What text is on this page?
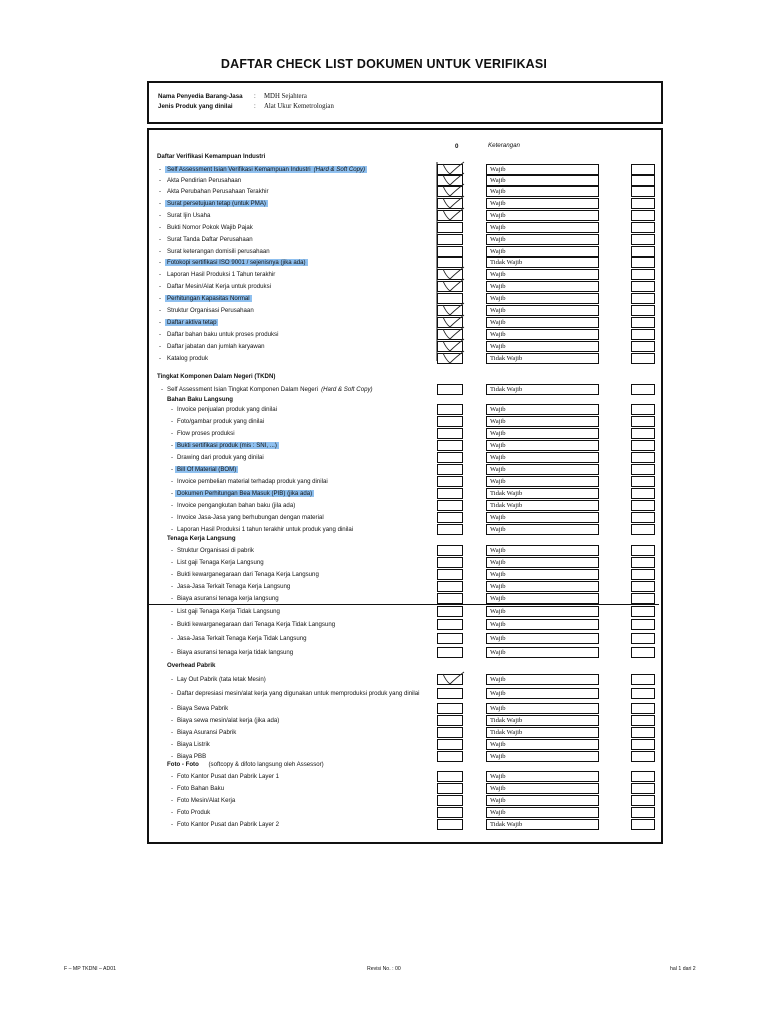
DAFTAR CHECK LIST DOKUMEN UNTUK VERIFIKASI
Nama Penyedia Barang-Jasa : MDH Sejahtera
Jenis Produk yang dinilai	: Alat Ukur Kemetrologian
0	Keterangan
Daftar Verifikasi Kemampuan Industri
Tingkat Komponen Dalam Negeri (TKDN)
Bahan Baku Langsung
Tenaga Kerja Langsung
Overhead Pabrik
Foto - Foto (softcopy & difoto langsung oleh Assessor)
- Self Assessment Isian Verifikasi Kemampuan Industri (Hard & Soft Copy)	Wajib
- Akta Pendirian Perusahaan	Wajib
- Akta Perubahan Perusahaan Terakhir	Wajib
- Surat persetujuan tetap (untuk PMA)	Wajib
- Surat Ijin Usaha	Wajib
- Bukti Nomor Pokok Wajib Pajak	Wajib
- Surat Tanda Daftar Perusahaan	Wajib
- Surat keterangan domisili perusahaan	Wajib
- Fotokopi sertifikasi ISO 9001 / sejenisnya (jika ada)	Tidak Wajib
- Laporan Hasil Produksi 1 Tahun terakhir	Wajib
- Daftar Mesin/Alat Kerja untuk produksi	Wajib
- Perhitungan Kapasitas Normal	Wajib
- Struktur Organisasi Perusahaan	Wajib
- Daftar aktiva tetap	Wajib
- Daftar bahan baku untuk proses produksi	Wajib
- Daftar jabatan dan jumlah karyawan	Wajib
- Katalog produk	Tidak Wajib
- Self Assessment Isian Tingkat Komponen Dalam Negeri (Hard & Soft Copy)	Tidak Wajib
- Invoice penjualan produk yang dinilai	Wajib
- Foto/gambar produk yang dinilai	Wajib
- Flow proses produksi	Wajib
- Bukti sertifikasi produk (mis : SNI, ...)	Wajib
- Drawing dari produk yang dinilai	Wajib
- Bill Of Material (BOM)	Wajib
- Invoice pembelian material terhadap produk yang dinilai	Wajib
- Dokumen Perhitungan Bea Masuk (PIB) (jika ada)	Tidak Wajib
- Invoice pengangkutan bahan baku (jila ada)	Tidak Wajib
- Invoice Jasa-Jasa yang berhubungan dengan material	Wajib
- Laporan Hasil Produksi 1 tahun terakhir untuk produk yang dinilai	Wajib
- Struktur Organisasi di pabrik	Wajib
- List gaji Tenaga Kerja Langsung	Wajib
- Bukti kewarganegaraan dari Tenaga Kerja Langsung	Wajib
- Jasa-Jasa Terkait Tenaga Kerja Langsung	Wajib
- Biaya asuransi tenaga kerja langsung	Wajib
- List gaji Tenaga Kerja Tidak Langsung	Wajib
- Bukti kewarganegaraan dari Tenaga Kerja Tidak Langsung	Wajib
- Jasa-Jasa Terkait Tenaga Kerja Tidak Langsung	Wajib
- Biaya asuransi tenaga kerja tidak langsung	Wajib
- Lay Out Pabrik (tata letak Mesin)	Wajib
- Daftar depresiasi mesin/alat kerja yang digunakan untuk memproduksi produk yang dinilai	Wajib
- Biaya Sewa Pabrik	Wajib
- Biaya sewa mesin/alat kerja (jika ada)	Tidak Wajib
- Biaya Asuransi Pabrik	Tidak Wajib
- Biaya Listrik	Wajib
- Biaya PBB	Wajib
- Foto Kantor Pusat dan Pabrik Layer 1	Wajib
- Foto Bahan Baku	Wajib
- Foto Mesin/Alat Kerja	Wajib
- Foto Produk	Wajib
- Foto Kantor Pusat dan Pabrik Layer 2	Tidak Wajib
F – MP TKDNI – AD01	Revisi No. : 00	hal 1 dari 2
